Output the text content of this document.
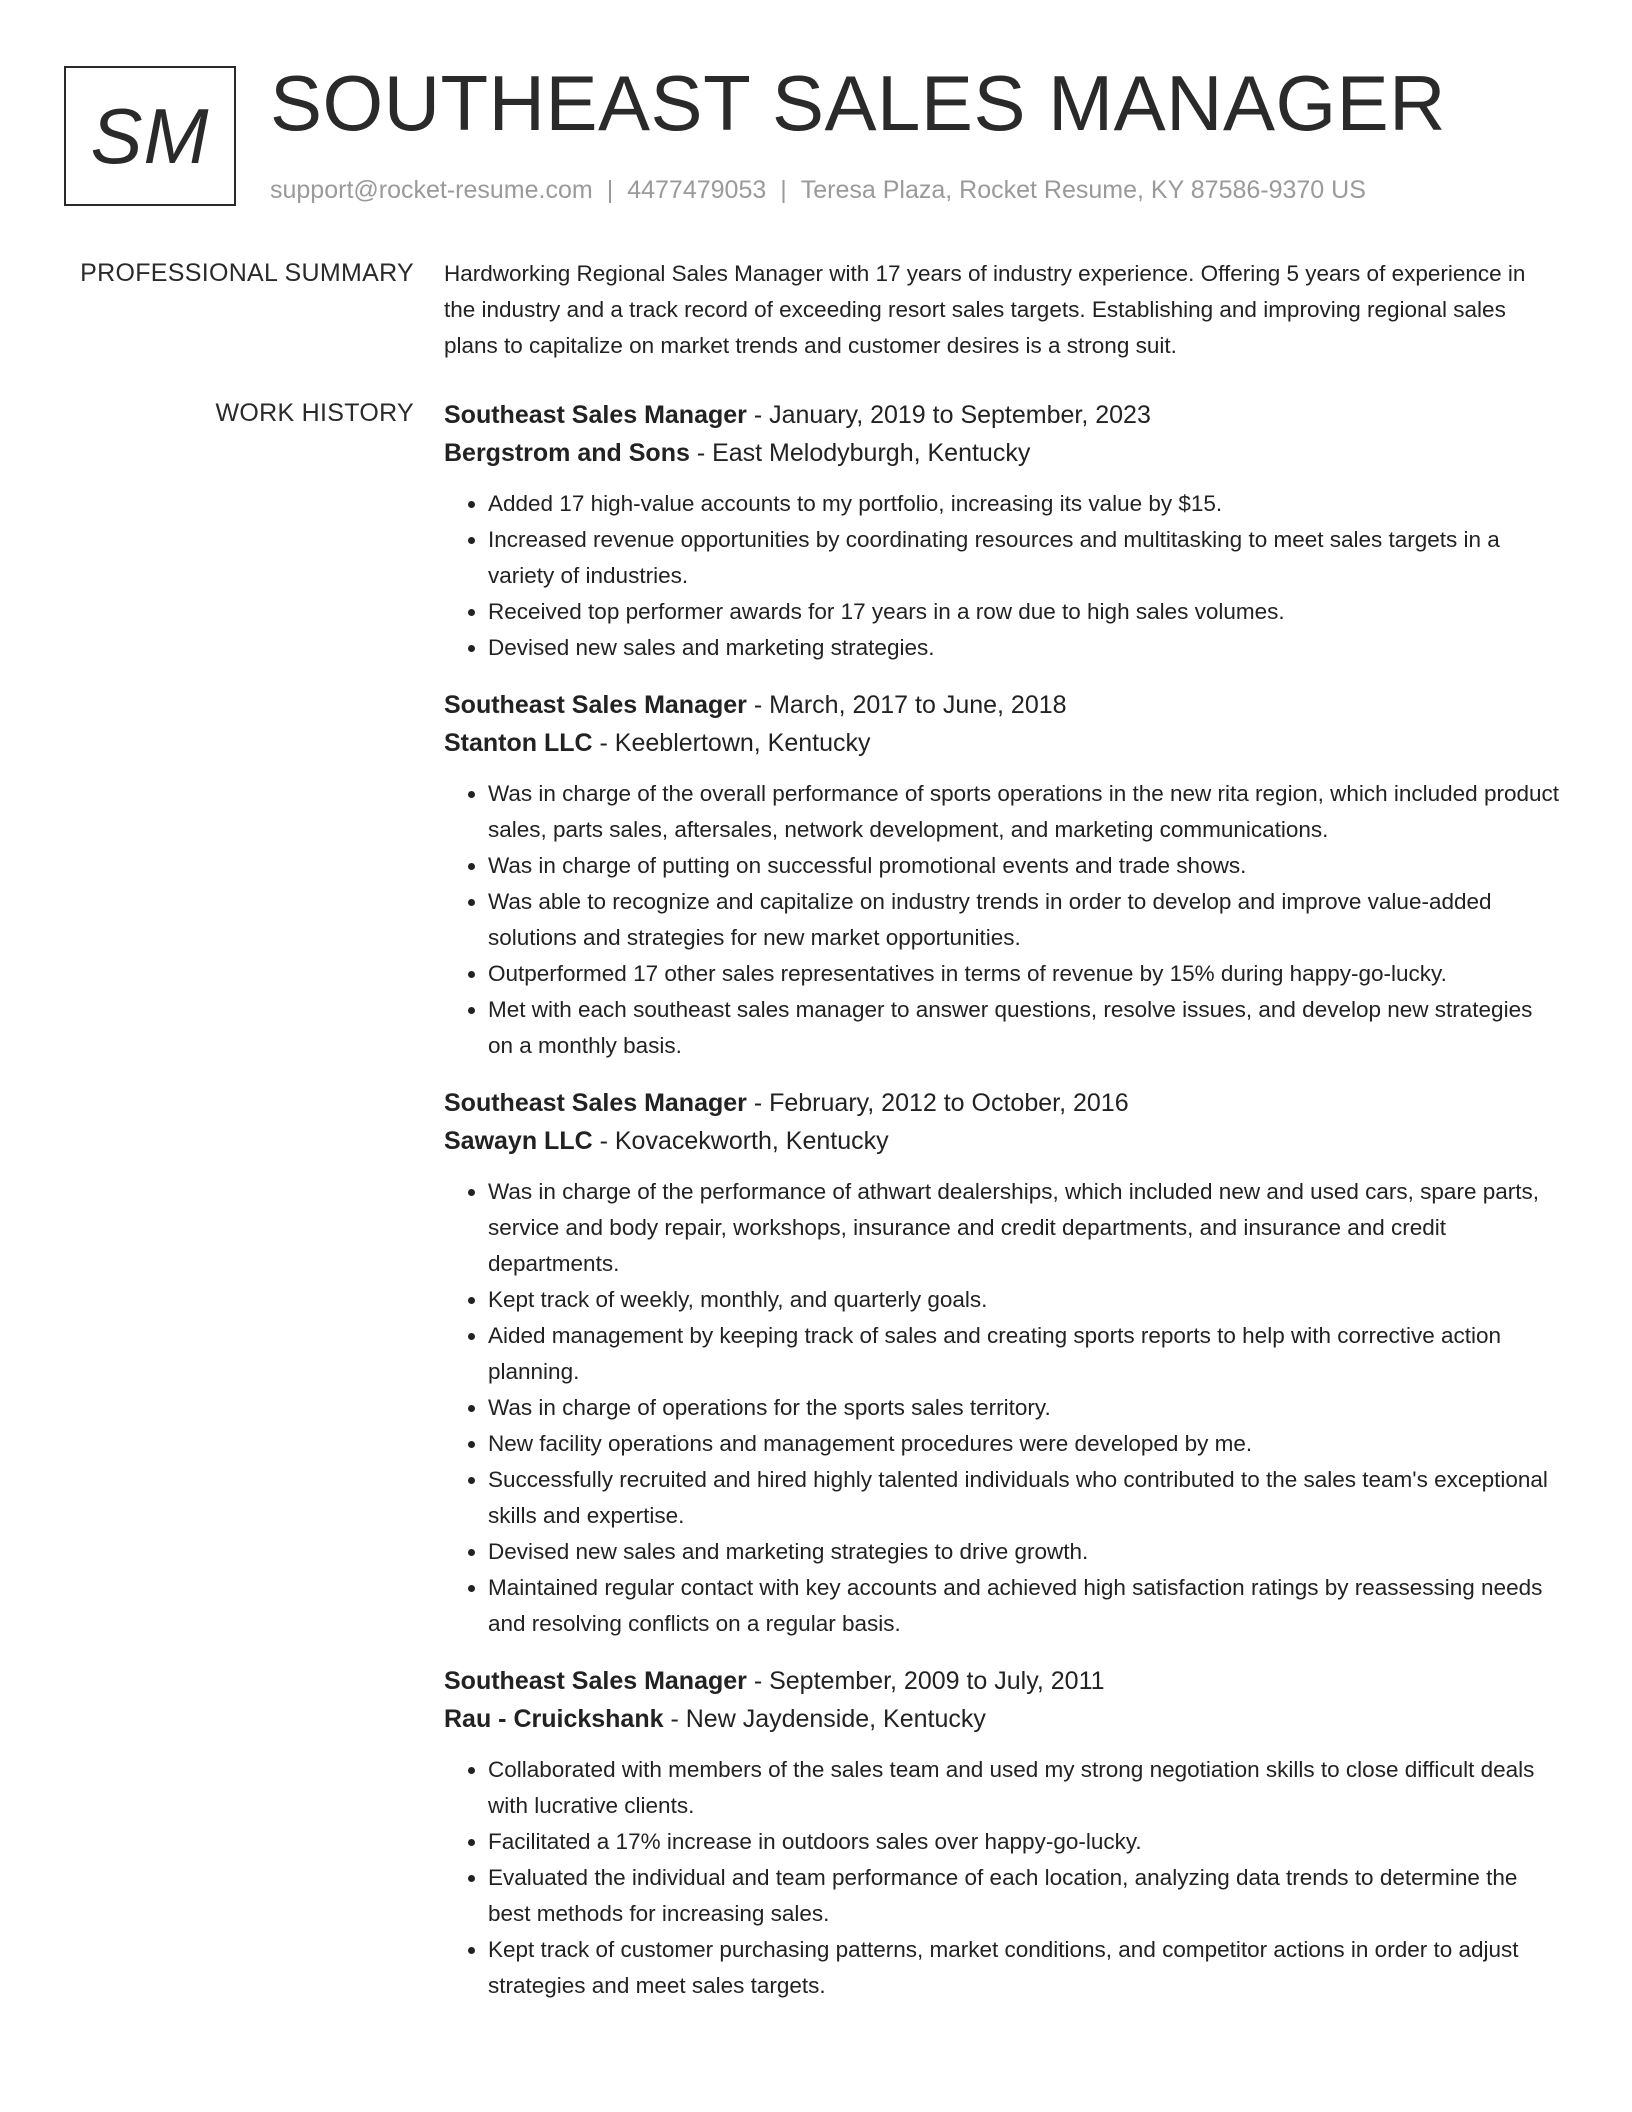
SM SOUTHEAST SALES MANAGER
support@rocket-resume.com | 4477479053 | Teresa Plaza, Rocket Resume, KY 87586-9370 US
PROFESSIONAL SUMMARY Hardworking Regional Sales Manager with 17 years of industry experience. Offering 5 years of experience in the industry and a track record of exceeding resort sales targets. Establishing and improving regional sales plans to capitalize on market trends and customer desires is a strong suit.
WORK HISTORY Southeast Sales Manager - January, 2019 to September, 2023
Bergstrom and Sons - East Melodyburgh, Kentucky
• Added 17 high-value accounts to my portfolio, increasing its value by $15.
• Increased revenue opportunities by coordinating resources and multitasking to meet sales targets in a variety of industries.
• Received top performer awards for 17 years in a row due to high sales volumes.
• Devised new sales and marketing strategies.
Southeast Sales Manager - March, 2017 to June, 2018
Stanton LLC - Keeblertown, Kentucky
• Was in charge of the overall performance of sports operations in the new rita region, which included product sales, parts sales, aftersales, network development, and marketing communications.
• Was in charge of putting on successful promotional events and trade shows.
• Was able to recognize and capitalize on industry trends in order to develop and improve value-added solutions and strategies for new market opportunities.
• Outperformed 17 other sales representatives in terms of revenue by 15% during happy-go-lucky.
• Met with each southeast sales manager to answer questions, resolve issues, and develop new strategies on a monthly basis.
Southeast Sales Manager - February, 2012 to October, 2016
Sawayn LLC - Kovacekworth, Kentucky
• Was in charge of the performance of athwart dealerships, which included new and used cars, spare parts, service and body repair, workshops, insurance and credit departments, and insurance and credit departments.
• Kept track of weekly, monthly, and quarterly goals.
• Aided management by keeping track of sales and creating sports reports to help with corrective action planning.
• Was in charge of operations for the sports sales territory.
• New facility operations and management procedures were developed by me.
• Successfully recruited and hired highly talented individuals who contributed to the sales team's exceptional skills and expertise.
• Devised new sales and marketing strategies to drive growth.
• Maintained regular contact with key accounts and achieved high satisfaction ratings by reassessing needs and resolving conflicts on a regular basis.
Southeast Sales Manager - September, 2009 to July, 2011
Rau - Cruickshank - New Jaydenside, Kentucky
• Collaborated with members of the sales team and used my strong negotiation skills to close difficult deals with lucrative clients.
• Facilitated a 17% increase in outdoors sales over happy-go-lucky.
• Evaluated the individual and team performance of each location, analyzing data trends to determine the best methods for increasing sales.
• Kept track of customer purchasing patterns, market conditions, and competitor actions in order to adjust strategies and meet sales targets.
